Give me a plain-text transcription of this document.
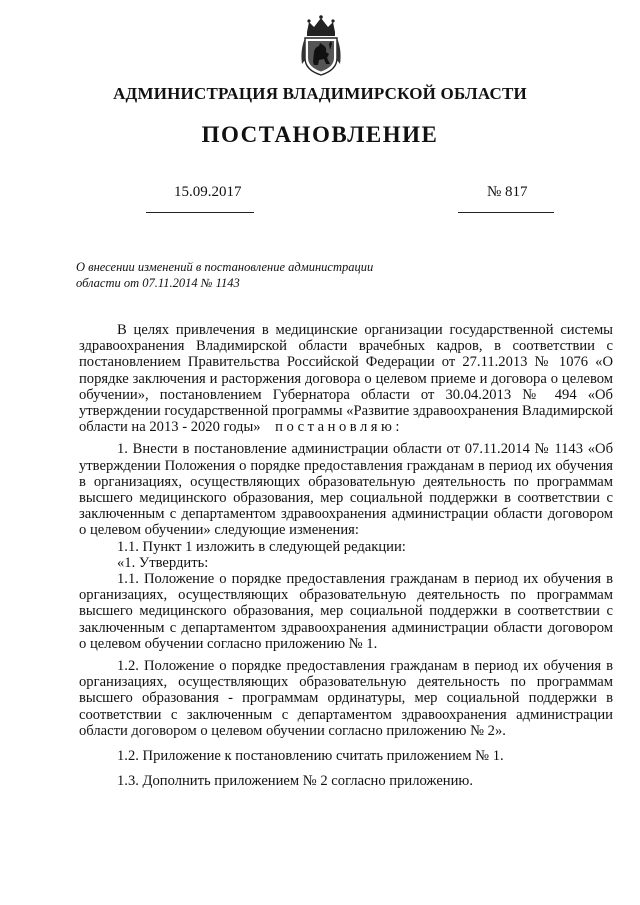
АДМИНИСТРАЦИЯ ВЛАДИМИРСКОЙ ОБЛАСТИ
ПОСТАНОВЛЕНИЕ
15.09.2017	№ 817
О внесении изменений в постановление администрации
области от 07.11.2014 № 1143

В целях привлечения в медицинские организации государственной системы здравоохранения Владимирской области врачебных кадров, в соответствии с постановлением Правительства Российской Федерации от 27.11.2013 № 1076 «О порядке заключения и расторжения договора о целевом приеме и договора о целевом обучении», постановлением Губернатора области от 30.04.2013 № 494 «Об утверждении государственной программы «Развитие здравоохранения Владимирской области на 2013 - 2020 годы» постановляю:

1. Внести в постановление администрации области от 07.11.2014 № 1143 «Об утверждении Положения о порядке предоставления гражданам в период их обучения в организациях, осуществляющих образовательную деятельность по программам высшего медицинского образования, мер социальной поддержки в соответствии с заключенным с департаментом здравоохранения администрации области договором о целевом обучении» следующие изменения:

1.1. Пункт 1 изложить в следующей редакции:

«1. Утвердить:

1.1. Положение о порядке предоставления гражданам в период их обучения в организациях, осуществляющих образовательную деятельность по программам высшего медицинского образования, мер социальной поддержки в соответствии с заключенным с департаментом здравоохранения администрации области договором о целевом обучении согласно приложению № 1.

1.2. Положение о порядке предоставления гражданам в период их обучения в организациях, осуществляющих образовательную деятельность по программам высшего образования - программам ординатуры, мер социальной поддержки в соответствии с заключенным с департаментом здравоохранения администрации области договором о целевом обучении согласно приложению № 2».

1.2. Приложение к постановлению считать приложением № 1.

1.3. Дополнить приложением № 2 согласно приложению.
